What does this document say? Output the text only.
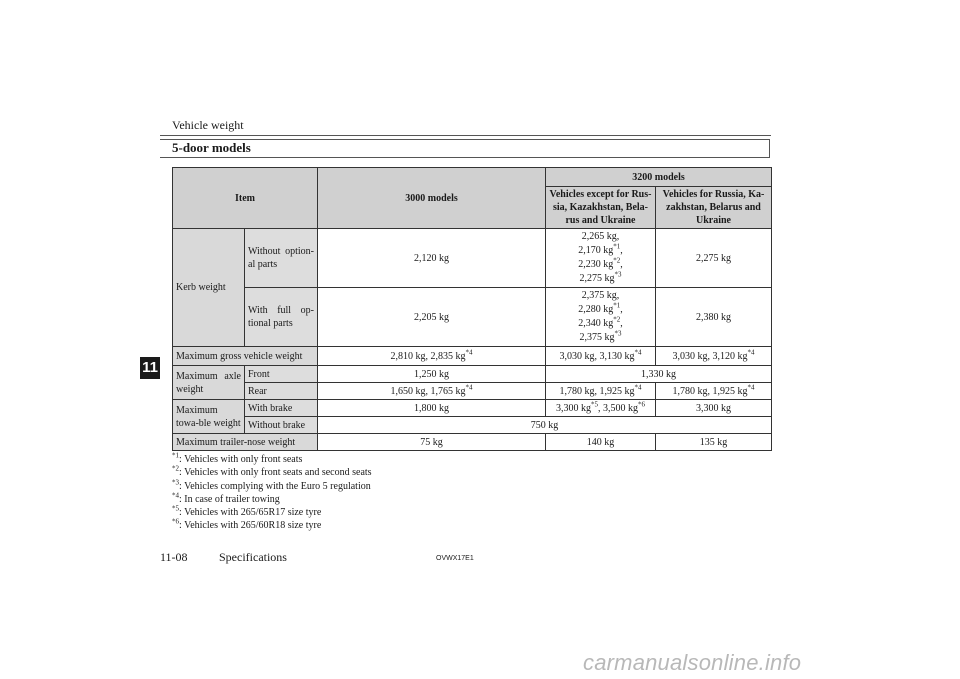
Vehicle weight
5-door models
11
Item		3000 models	3200 models	
			Vehicles except for Rus-sia, Kazakhstan, Bela-rus and Ukraine	Vehicles for Russia, Ka-zakhstan, Belarus and Ukraine
Kerb weight	Without option-al parts	2,120 kg	2,265 kg,
2,170 $kg^{*1}$,
2,230 $kg^{*2}$,
2,275 $kg^{*3}$	2,275 kg
	With full op-tional parts	2,205 kg	2,375 kg,
2,280 $kg^{*1}$,
2,340 $kg^{*2}$,
2,375 $kg^{*3}$	2,380 kg
Maximum gross vehicle weight		2,810 kg, 2,835 $kg^{*4}$	3,030 kg, 3,130 $kg^{*4}$	3,030 kg, 3,120 $kg^{*4}$
Maximum axle weight	Front	1,250 kg	1,330 kg	
	Rear	1,650 kg, 1,765 $kg^{*4}$	1,780 kg, 1,925 $kg^{*4}$	1,780 kg, 1,925 $kg^{*4}$
Maximum towa-ble weight	With brake	1,800 kg	3,300 $kg^{*5}$, 3,500 $kg^{*6}$	3,300 kg
	Without brake	750 kg		
Maximum trailer-nose weight		75 kg	140 kg	135 kg
$^{*1}$: Vehicles with only front seats
$^{*2}$: Vehicles with only front seats and second seats
$^{*3}$: Vehicles complying with the Euro 5 regulation
$^{*4}$: In case of trailer towing
$^{*5}$: Vehicles with 265/65R17 size tyre
$^{*6}$: Vehicles with 265/60R18 size tyre
11-08	Specifications	OVWX17E1
carmanualsonline.info
